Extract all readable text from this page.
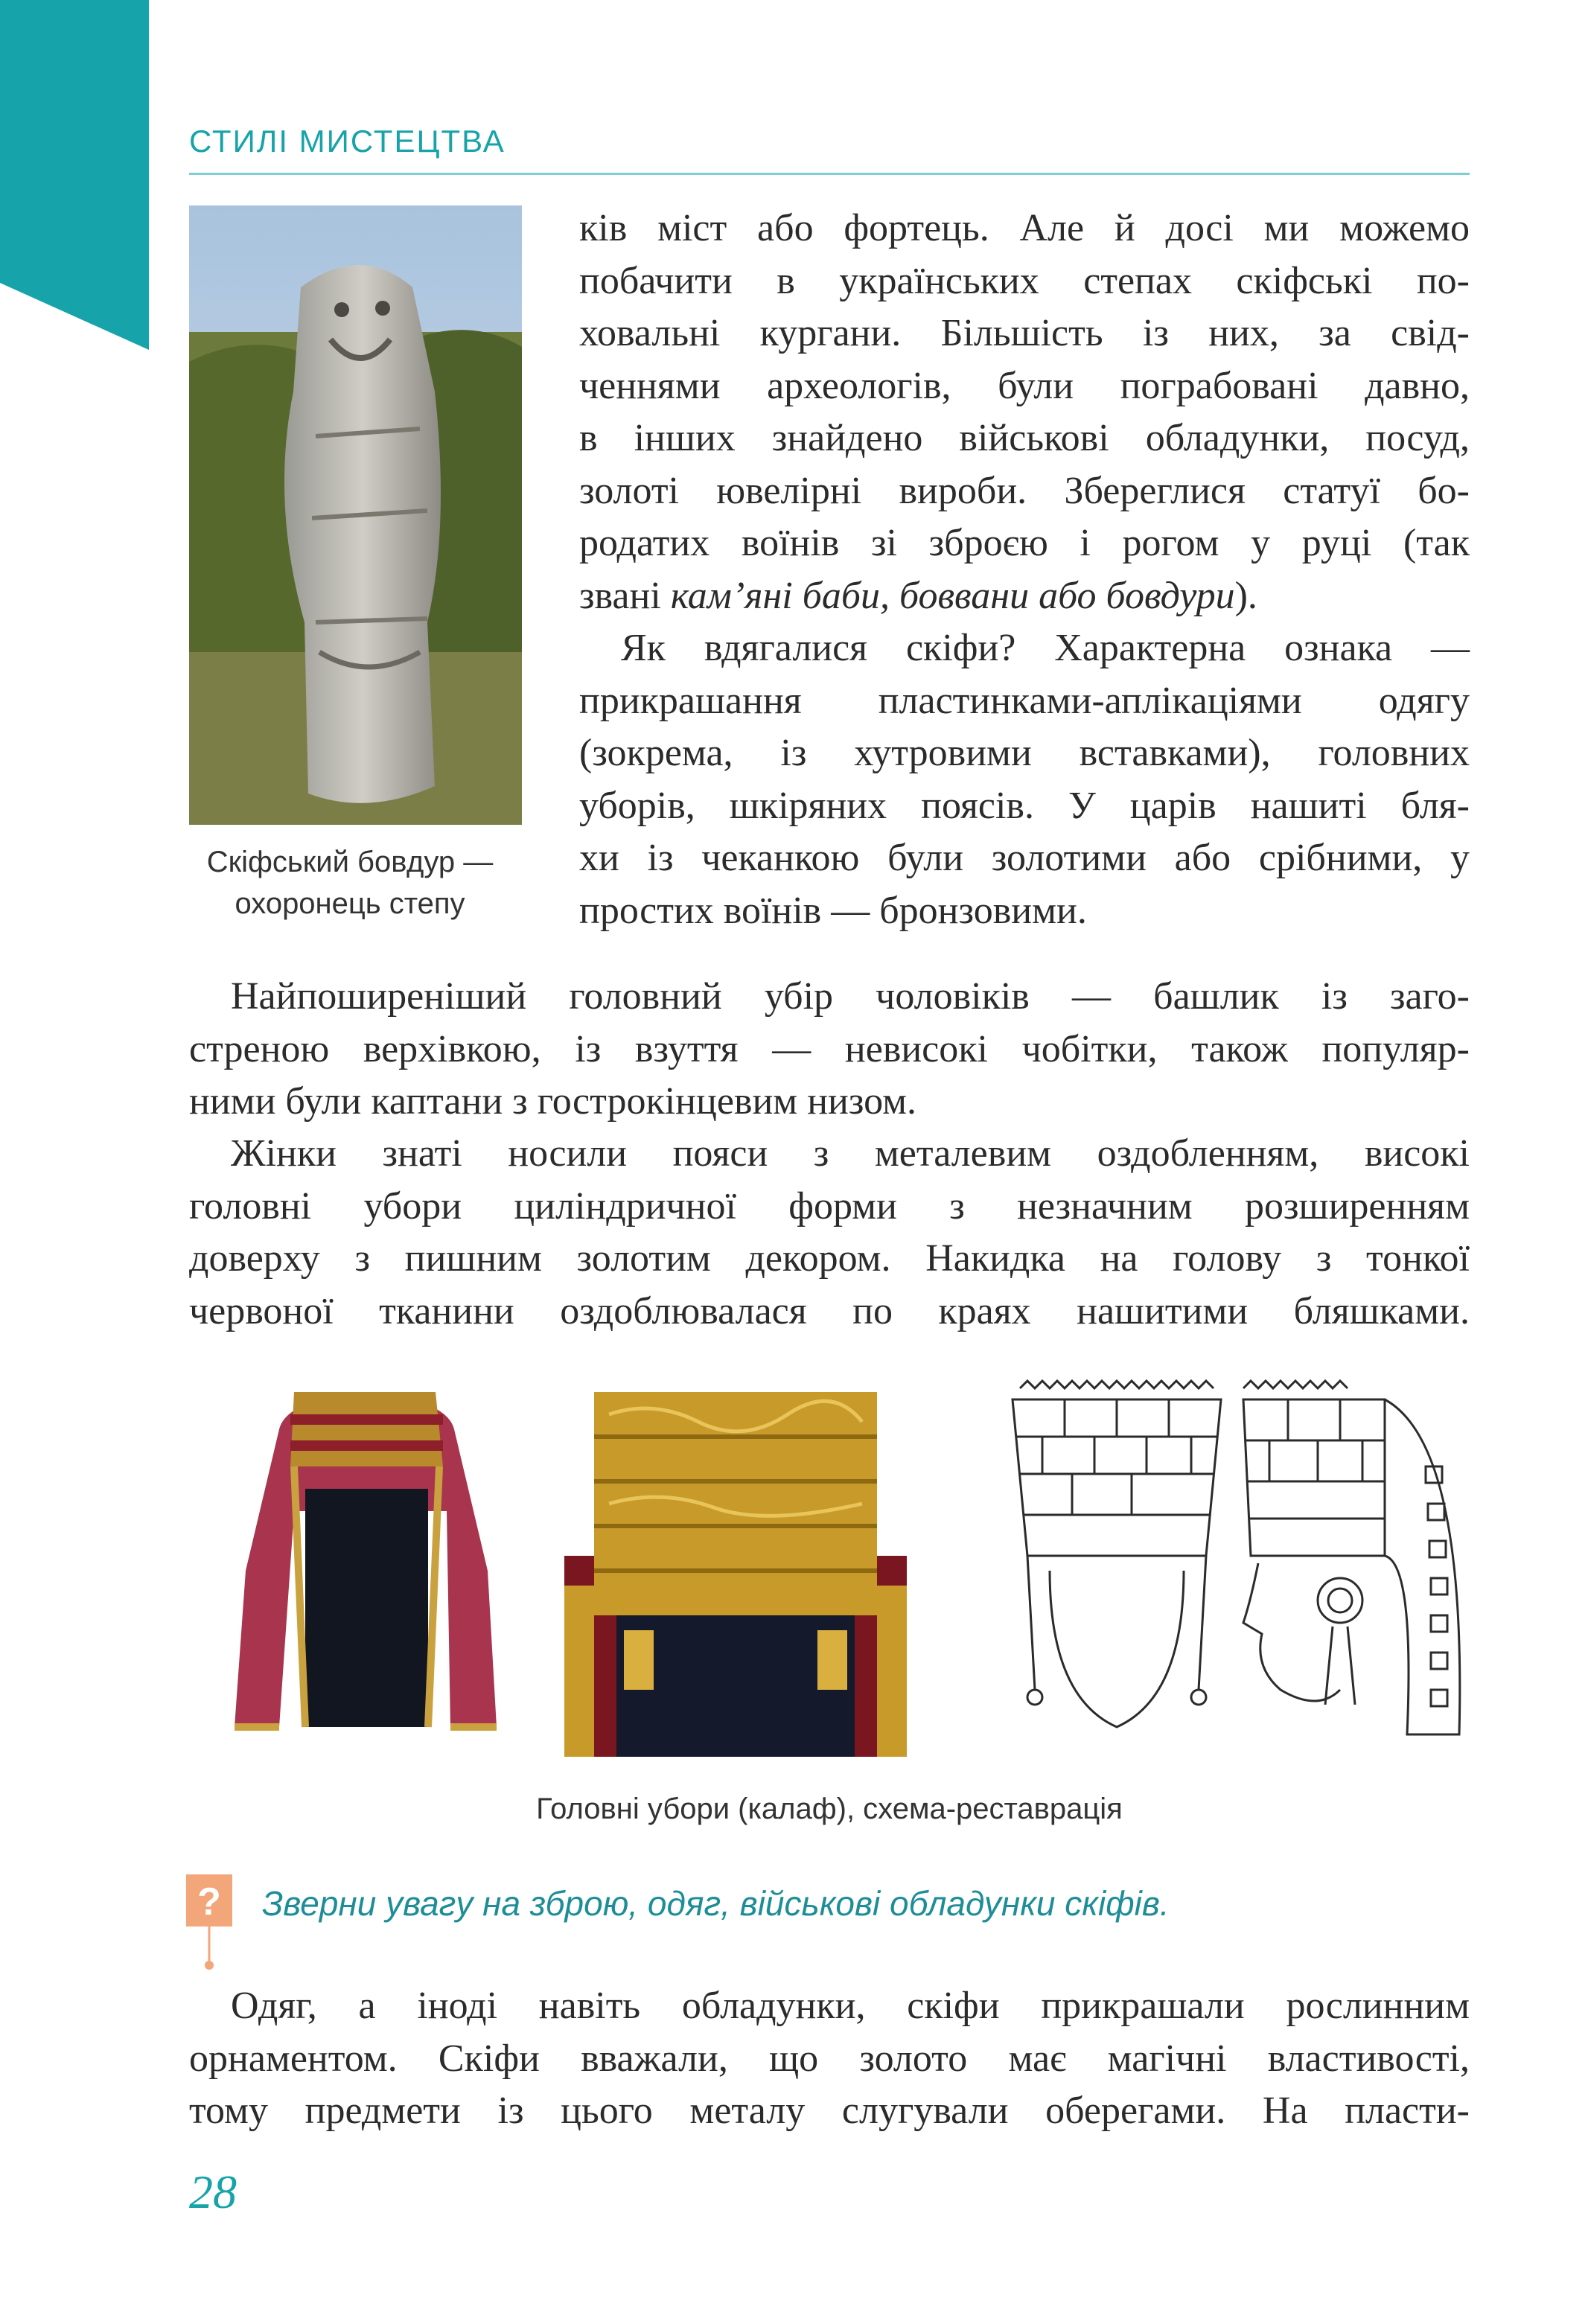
СТИЛІ МИСТЕЦТВА
Скіфський бовдур —
охоронець степу
ків міст або фортець. Але й досі ми можемо
побачити в українських степах скіфські по-
ховальні кургани. Більшість із них, за свід-
ченнями археологів, були пограбовані давно,
в інших знайдено військові обладунки, посуд,
золоті ювелірні вироби. Збереглися статуї бо-
родатих воїнів зі зброєю і рогом у руці (так
звані кам’яні баби, боввани або бовдури).
Як вдягалися скіфи? Характерна ознака —
прикрашання пластинками-аплікаціями одягу
(зокрема, із хутровими вставками), головних
уборів, шкіряних поясів. У царів нашиті бля-
хи із чеканкою були золотими або срібними, у
простих воїнів — бронзовими.
Найпоширеніший головний убір чоловіків — башлик із заго-
стреною верхівкою, із взуття — невисокі чобітки, також популяр-
ними були каптани з гострокінцевим низом.
Жінки знаті носили пояси з металевим оздобленням, високі
головні убори циліндричної форми з незначним розширенням
доверху з пишним золотим декором. Накидка на голову з тонкої
червоної тканини оздоблювалася по краях нашитими бляшками.
Головні убори (калаф), схема-реставрація
? Зверни увагу на зброю, одяг, військові обладунки скіфів.
Одяг, а іноді навіть обладунки, скіфи прикрашали рослинним
орнаментом. Скіфи вважали, що золото має магічні властивості,
тому предмети із цього металу слугували оберегами. На пласти-
28
